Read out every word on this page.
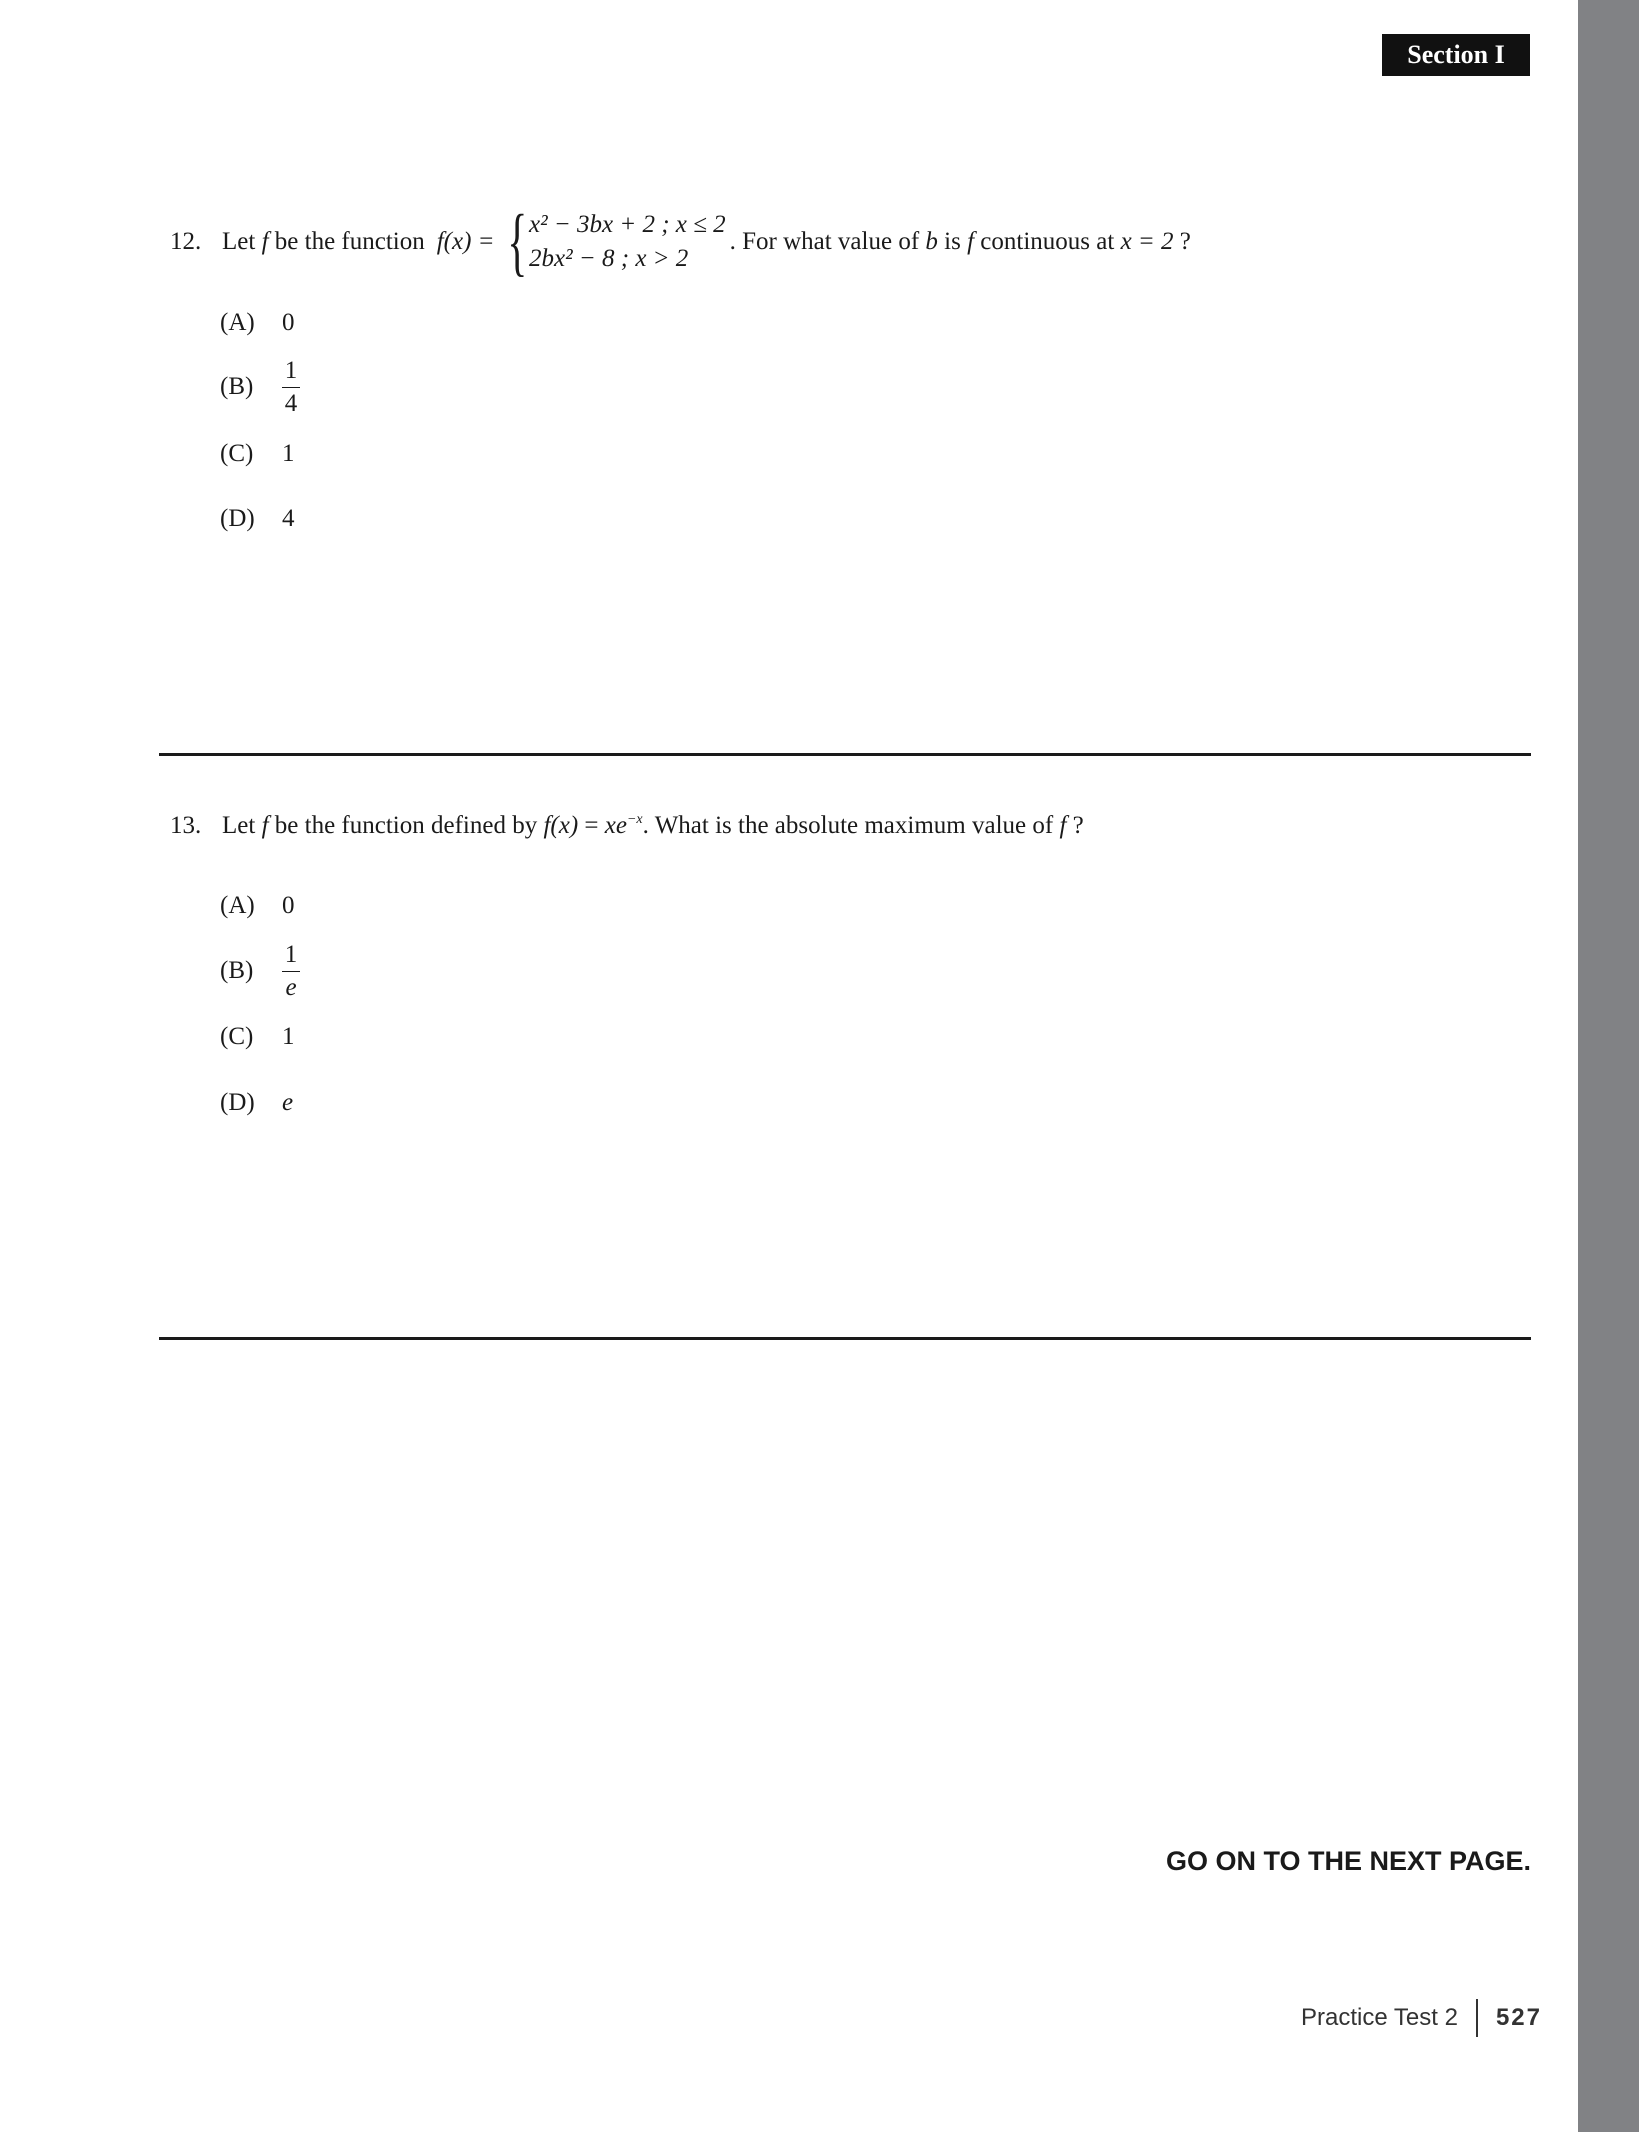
Section I
12. Let
f
be the function f(x) = { x² − 3bx + 2 ; x ≤ 2
2bx² − 8 ; x > 2
. For what value of
b
is
f
continuous at
x = 2
?
(A)	0
(B)	$\frac{1}{4}$
(C)	1
(D)	4
13. Let
f
be the function defined by
f(x)
=
$xe^{-x}$ . What is the absolute maximum value of
f
?
(A)	0
(B)	$\frac{1}{e}$
(C)	1
(D)	e
GO ON TO THE NEXT PAGE.
Practice Test 2 527
